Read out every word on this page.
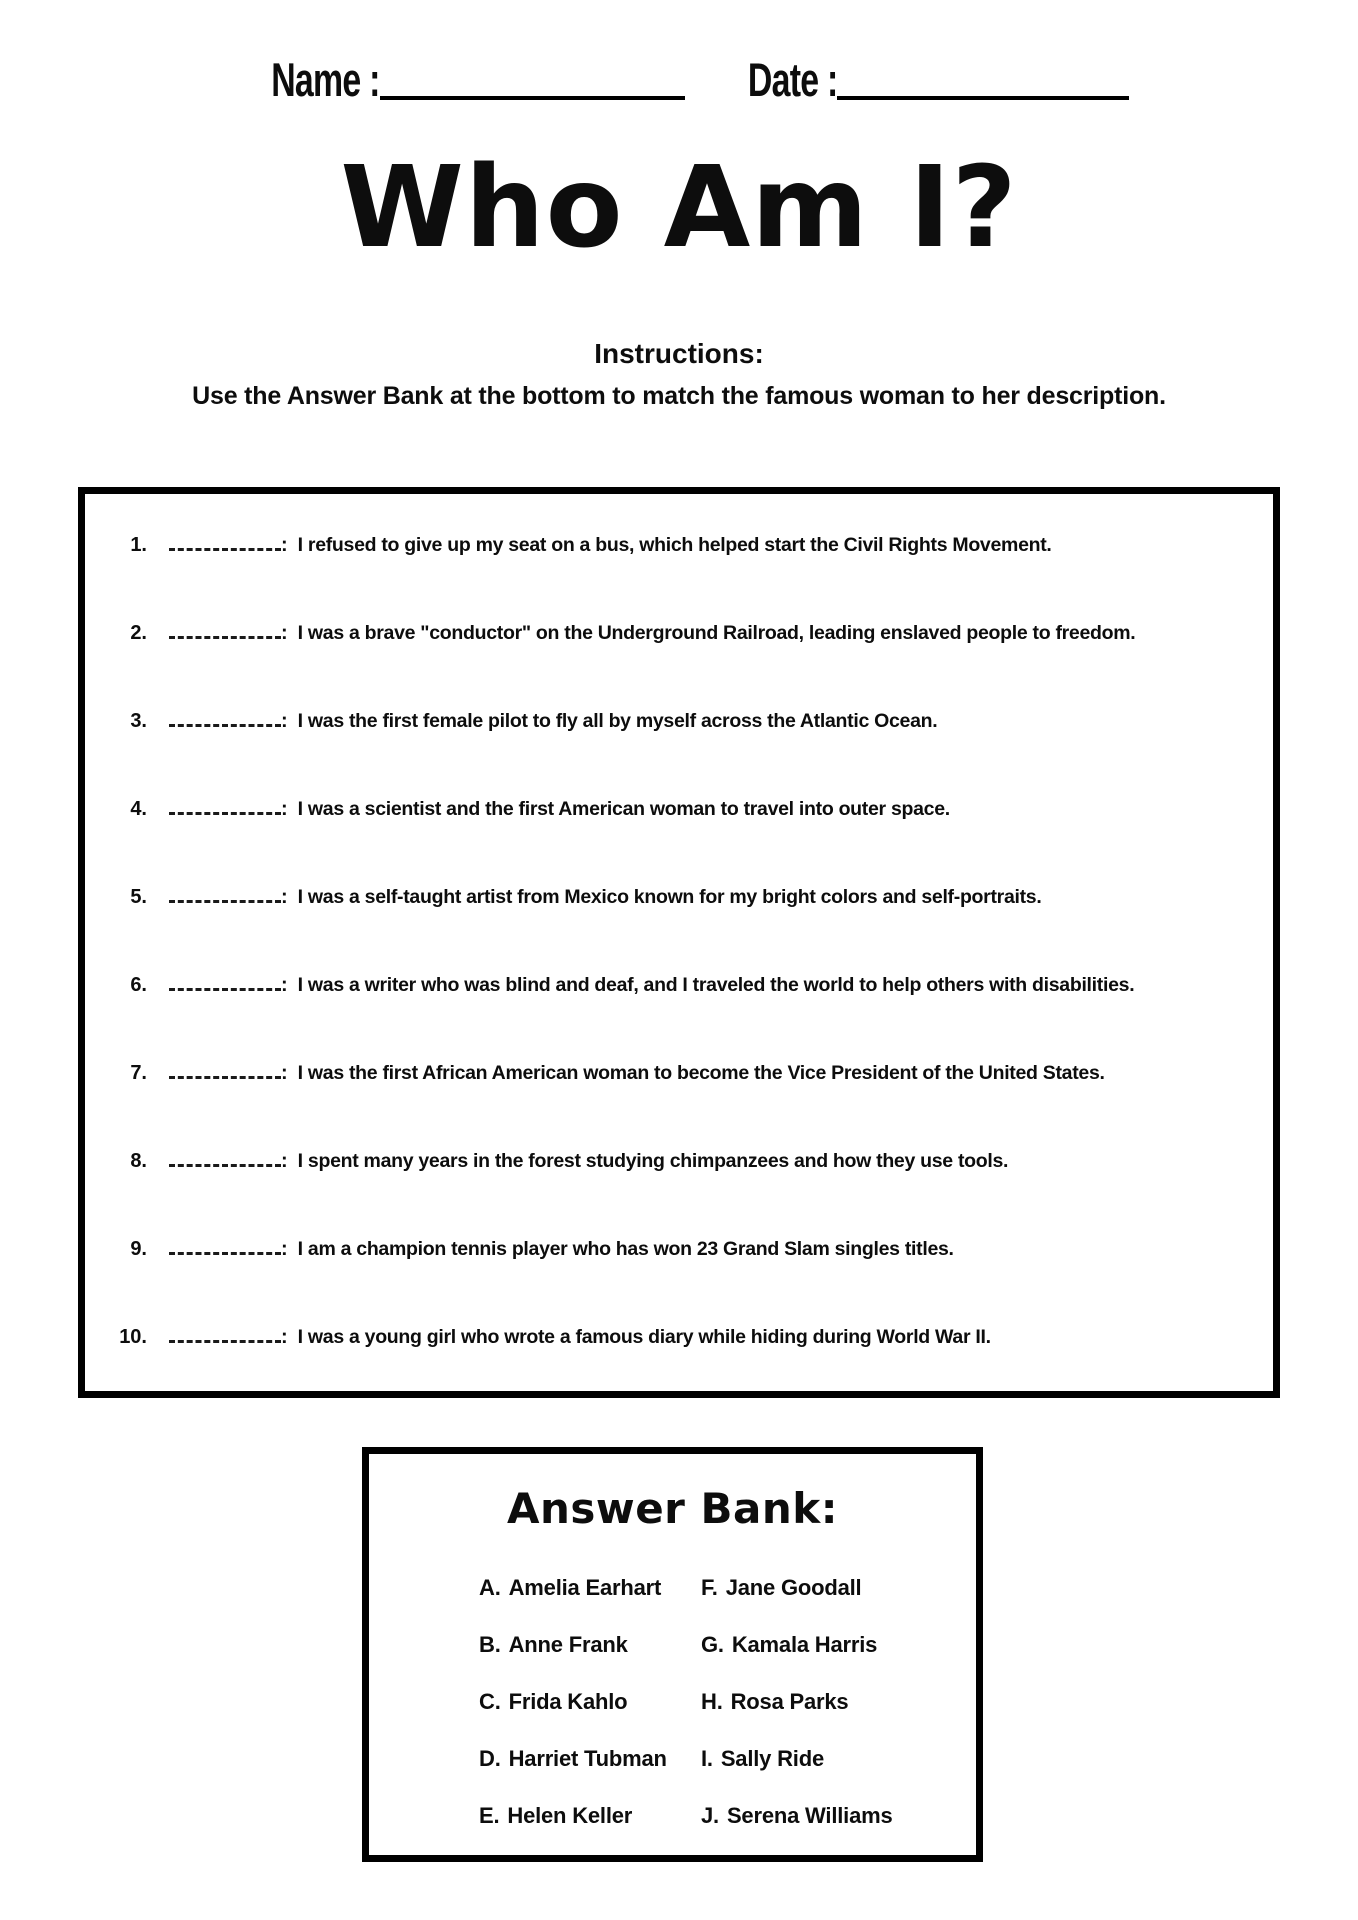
Name :	Date :
Who Am I?
Instructions:
Use the Answer Bank at the bottom to match the famous woman to her description.
1.	: I refused to give up my seat on a bus, which helped start the Civil Rights Movement.
2.	: I was a brave "conductor" on the Underground Railroad, leading enslaved people to freedom.
3.	: I was the first female pilot to fly all by myself across the Atlantic Ocean.
4.	: I was a scientist and the first American woman to travel into outer space.
5.	: I was a self-taught artist from Mexico known for my bright colors and self-portraits.
6.	: I was a writer who was blind and deaf, and I traveled the world to help others with disabilities.
7.	: I was the first African American woman to become the Vice President of the United States.
8.	: I spent many years in the forest studying chimpanzees and how they use tools.
9.	: I am a champion tennis player who has won 23 Grand Slam singles titles.
10.	: I was a young girl who wrote a famous diary while hiding during World War II.
Answer Bank:
A. Amelia Earhart
B. Anne Frank
C. Frida Kahlo
D. Harriet Tubman
E. Helen Keller
F. Jane Goodall
G. Kamala Harris
H. Rosa Parks
I. Sally Ride
J. Serena Williams
